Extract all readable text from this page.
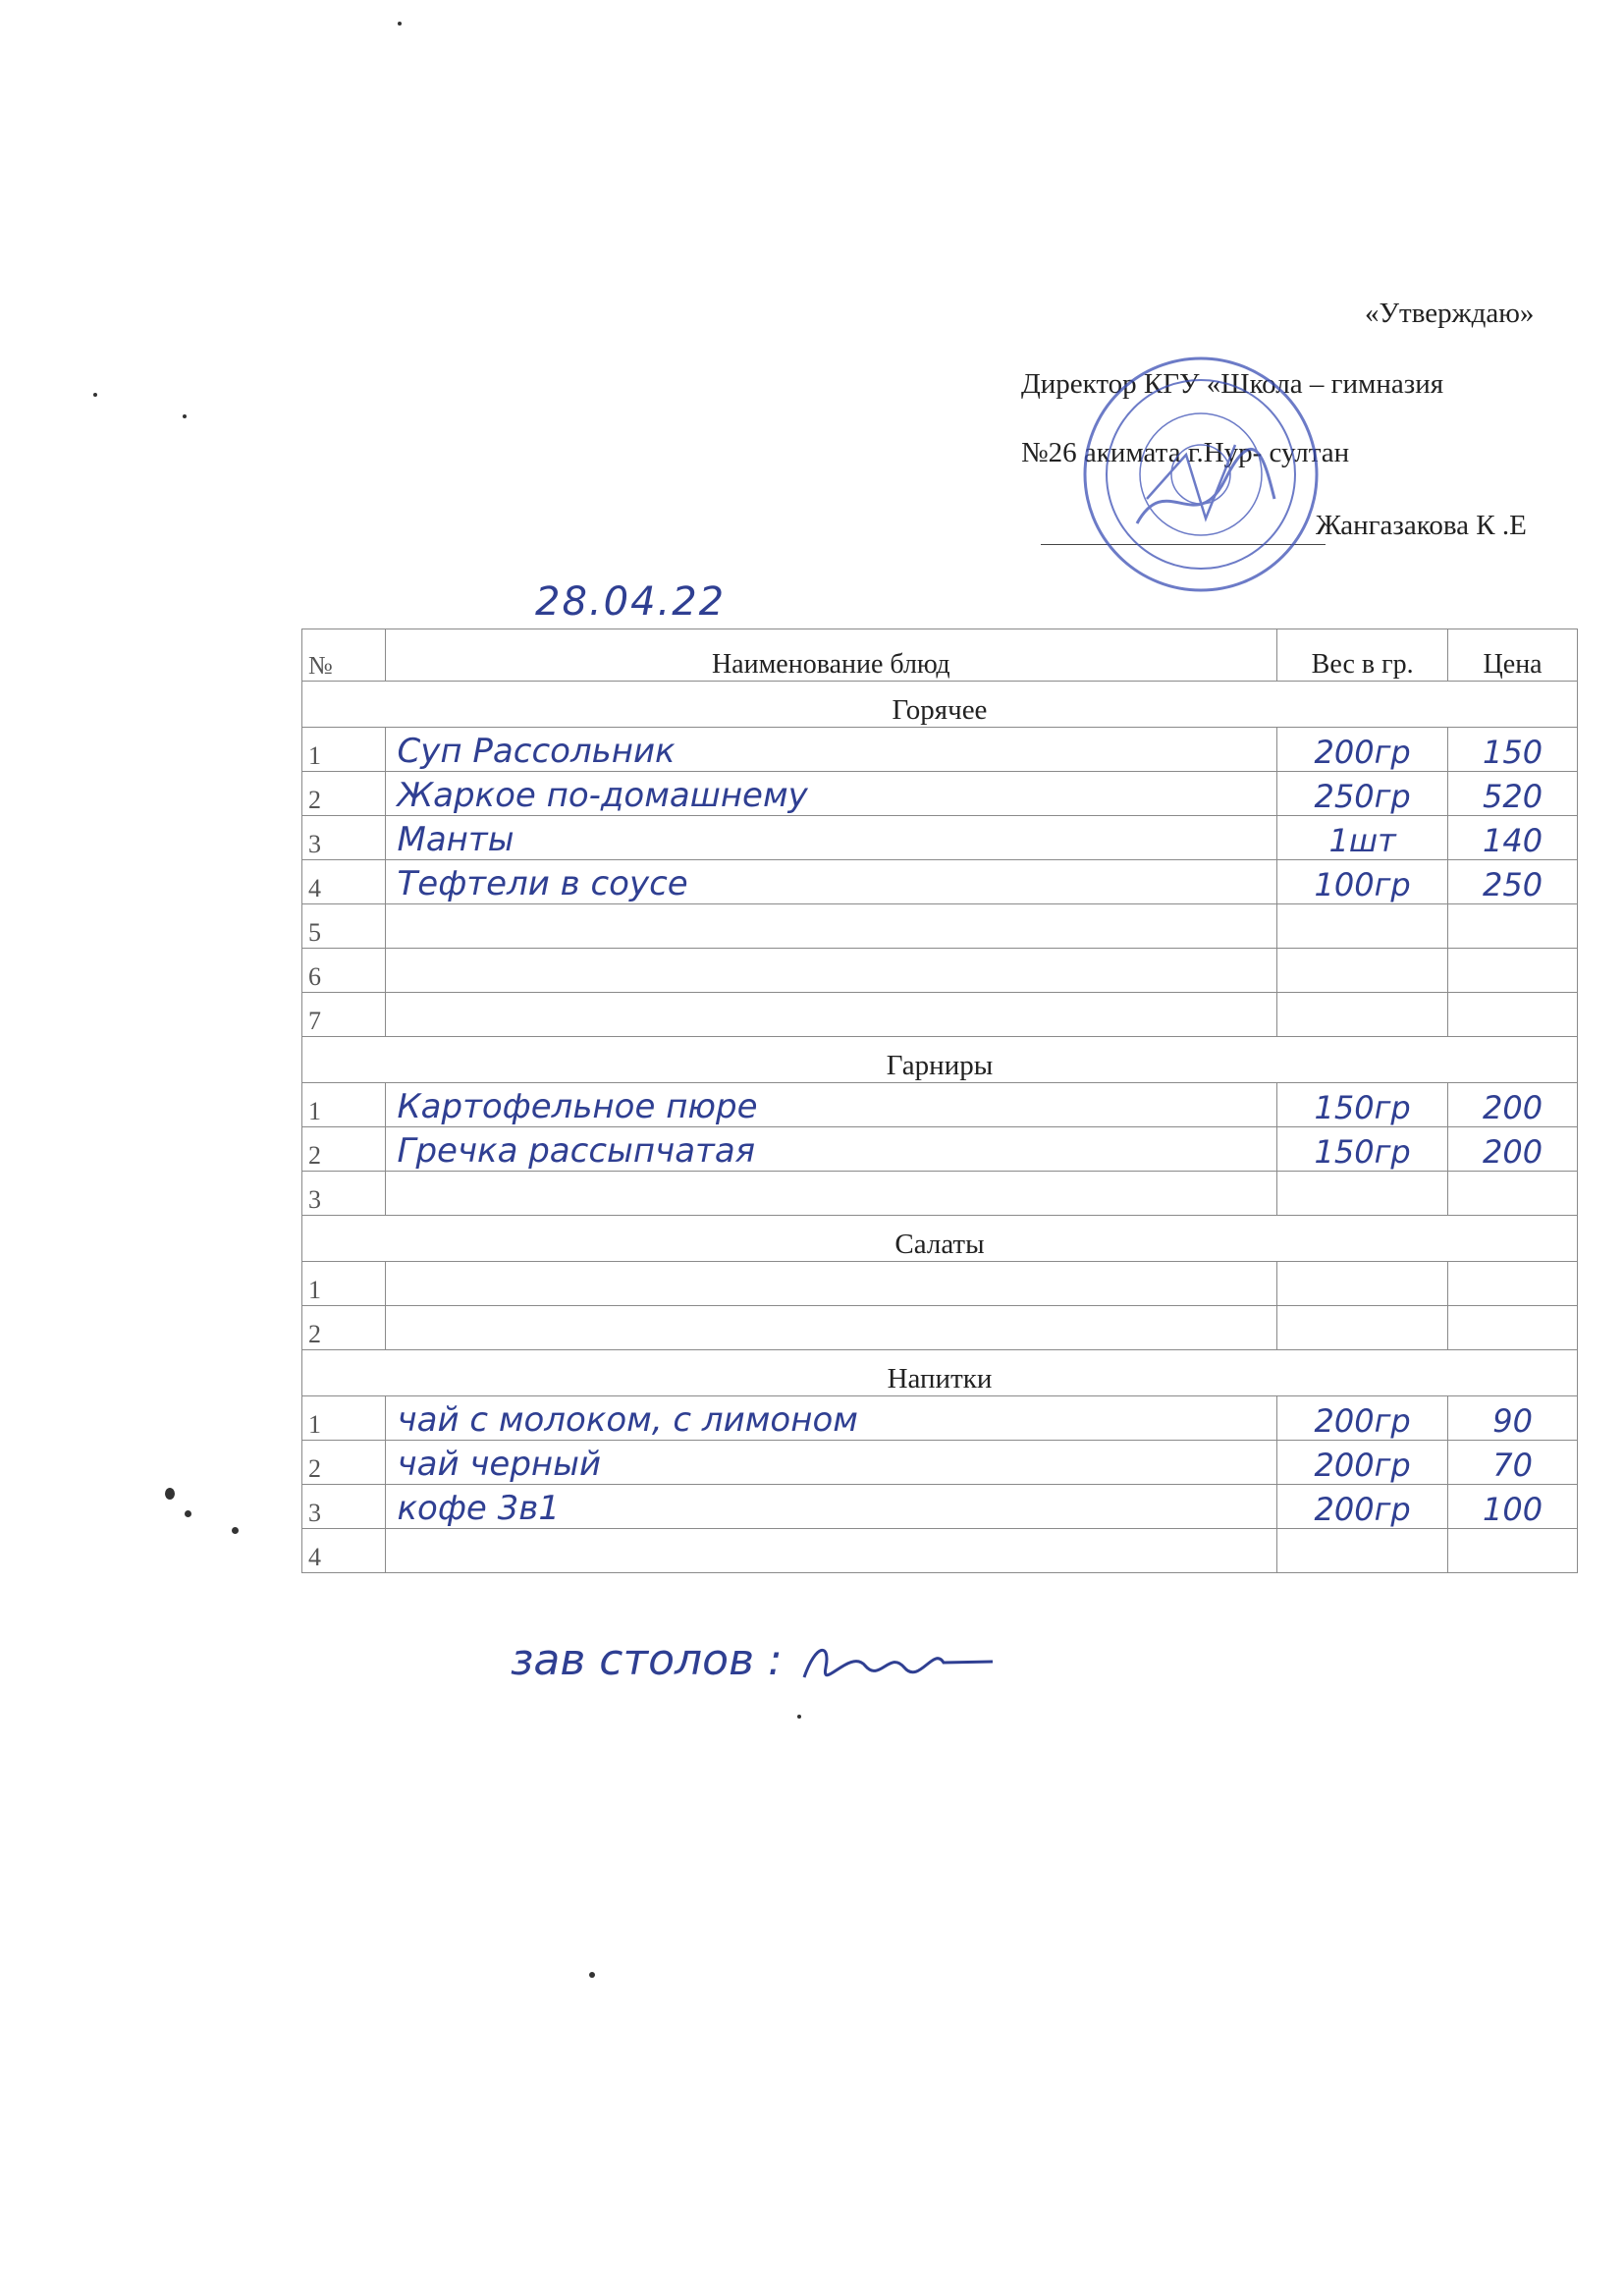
«Утверждаю»
Директор КГУ «Школа – гимназия
№26 акимата г.Нур- султан
Жангазакова К .Е
28.04.22
№	Наименование блюд	Вес в гр.	Цена
Горячее			
1	Суп Рассольник	200гр	150
2	Жаркое по-домашнему	250гр	520
3	Манты	1шт	140
4	Тефтели в соусе	100гр	250
5			
6			
7			
Гарниры			
1	Картофельное пюре	150гр	200
2	Гречка рассыпчатая	150гр	200
3			
Салаты			
1			
2			
Напитки			
1	чай с молоком, с лимоном	200гр	90
2	чай черный	200гр	70
3	кофе 3в1	200гр	100
4			
зав столов :
